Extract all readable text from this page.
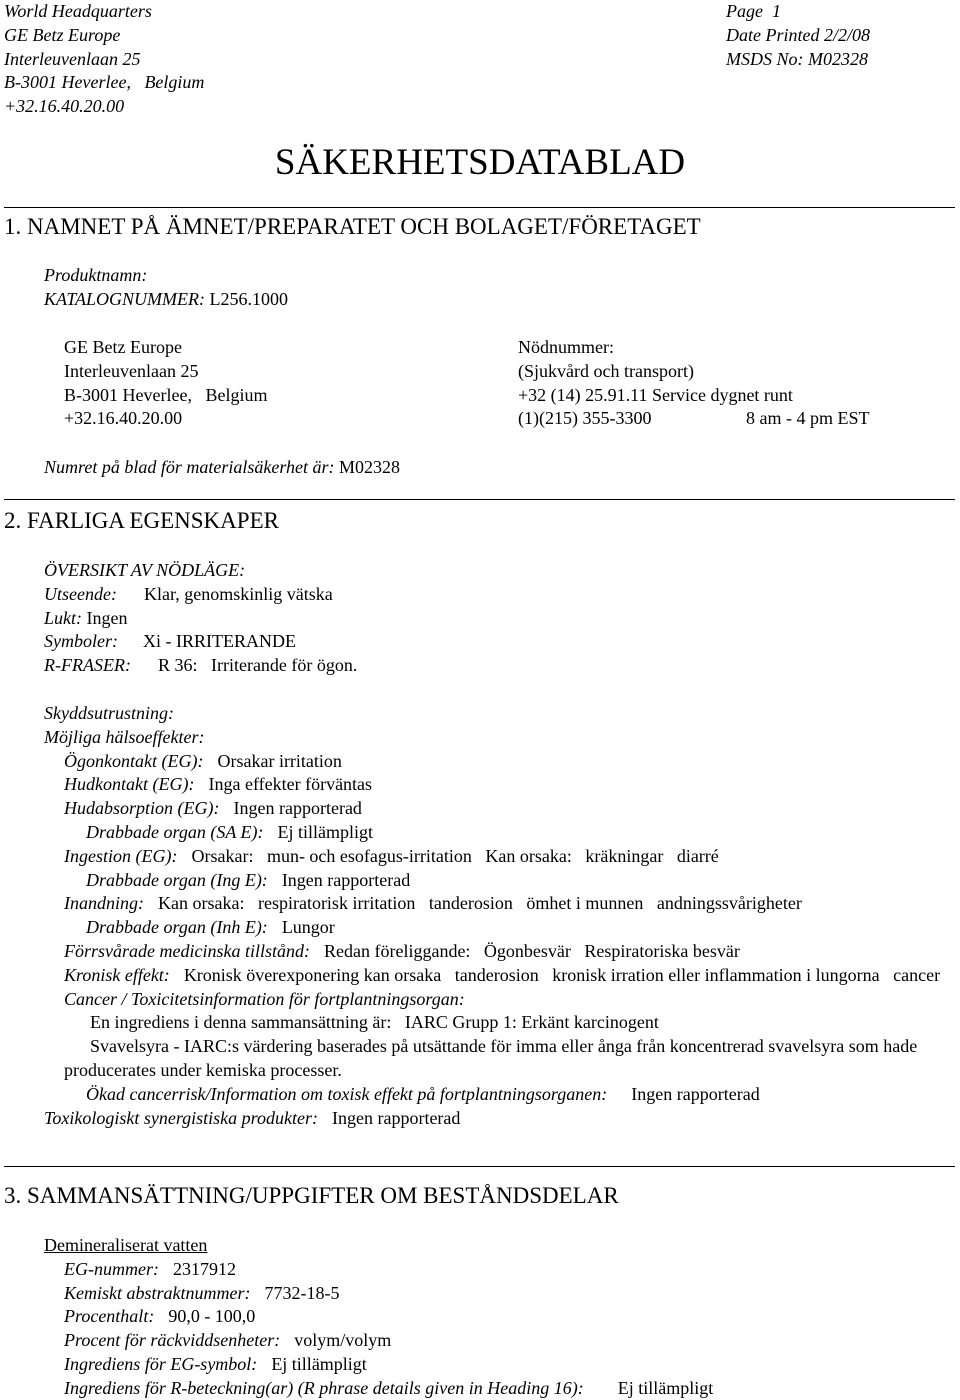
World Headquarters
GE Betz Europe
Interleuvenlaan 25
B-3001 Heverlee,   Belgium
+32.16.40.20.00
Page  1
Date Printed 2/2/08
MSDS No: M02328
SÄKERHETSDATABLAD
1. NAMNET PÅ ÄMNET/PREPARATET OCH BOLAGET/FÖRETAGET
Produktnamn:
KATALOGNUMMER: L256.1000
GE Betz Europe
Interleuvenlaan 25
B-3001 Heverlee,   Belgium
+32.16.40.20.00
Nödnummer:
(Sjukvård och transport)
+32 (14) 25.91.11 Service dygnet runt
(1)(215) 355-3300	8 am - 4 pm EST
Numret på blad för materialsäkerhet är: M02328
2. FARLIGA EGENSKAPER
ÖVERSIKT AV NÖDLÄGE:
Utseende: Klar, genomskinlig vätska
Lukt: Ingen
Symboler: Xi - IRRITERANDE
R-FRASER: R 36:   Irriterande för ögon.
Skyddsutrustning:
Möjliga hälsoeffekter:
Ögonkontakt (EG): Orsakar irritation
Hudkontakt (EG): Inga effekter förväntas
Hudabsorption (EG): Ingen rapporterad
Drabbade organ (SA E): Ej tillämpligt
Ingestion (EG): Orsakar:   mun- och esofagus-irritation   Kan orsaka:   kräkningar   diarré
Drabbade organ (Ing E): Ingen rapporterad
Inandning: Kan orsaka:   respiratorisk irritation   tanderosion   ömhet i munnen   andningssvårigheter
Drabbade organ (Inh E): Lungor
Förrsvårade medicinska tillstånd: Redan föreliggande:   Ögonbesvär   Respiratoriska besvär
Kronisk effekt: Kronisk överexponering kan orsaka   tanderosion   kronisk irration eller inflammation i lungorna   cancer
Cancer / Toxicitetsinformation för fortplantningsorgan:
En ingrediens i denna sammansättning är:   IARC Grupp 1: Erkänt karcinogent
Svavelsyra - IARC:s värdering baserades på utsättande för imma eller ånga från koncentrerad svavelsyra som hade producerates under kemiska processer.
Ökad cancerrisk/Information om toxisk effekt på fortplantningsorganen: Ingen rapporterad
Toxikologiskt synergistiska produkter: Ingen rapporterad
3. SAMMANSÄTTNING/UPPGIFTER OM BESTÅNDSDELAR
Demineraliserat vatten
EG-nummer: 2317912
Kemiskt abstraktnummer: 7732-18-5
Procenthalt: 90,0 - 100,0
Procent för räckviddsenheter: volym/volym
Ingrediens för EG-symbol: Ej tillämpligt
Ingrediens för R-beteckning(ar) (R phrase details given in Heading 16): Ej tillämpligt
